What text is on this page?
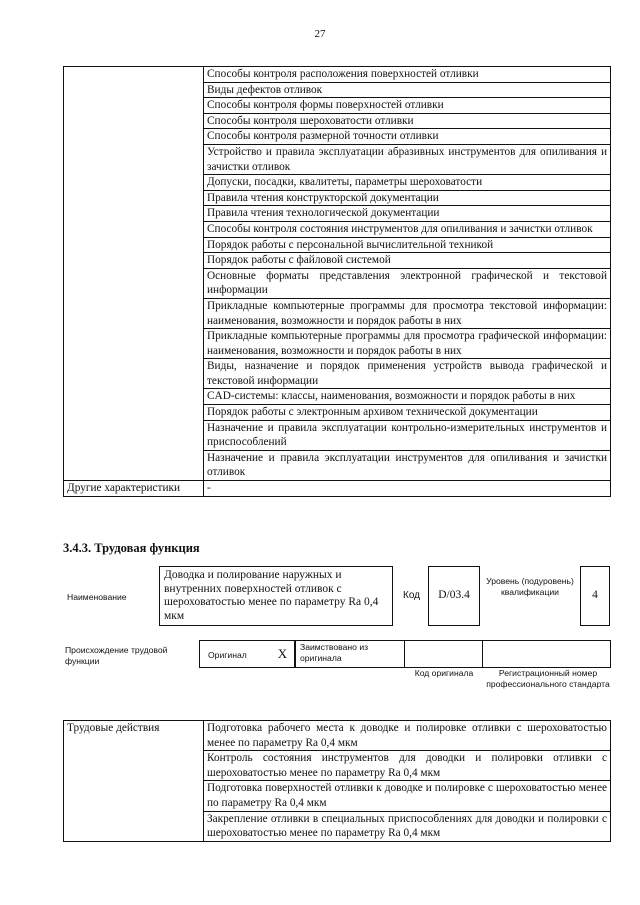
27
	Способы контроля расположения поверхностей отливки
	Виды дефектов отливок
	Способы контроля формы поверхностей отливки
	Способы контроля шероховатости отливки
	Способы контроля размерной точности отливки
	Устройство и правила эксплуатации абразивных инструментов для опиливания и зачистки отливок
	Допуски, посадки, квалитеты, параметры шероховатости
	Правила чтения конструкторской документации
	Правила чтения технологической документации
	Способы контроля состояния инструментов для опиливания и зачистки отливок
	Порядок работы с персональной вычислительной техникой
	Порядок работы с файловой системой
	Основные форматы представления электронной графической и текстовой информации
	Прикладные компьютерные программы для просмотра текстовой информации: наименования, возможности и порядок работы в них
	Прикладные компьютерные программы для просмотра графической информации: наименования, возможности и порядок работы в них
	Виды, назначение и порядок применения устройств вывода графической и текстовой информации
	CAD-системы: классы, наименования, возможности и порядок работы в них
	Порядок работы с электронным архивом технической документации
	Назначение и правила эксплуатации контрольно-измерительных инструментов и приспособлений
	Назначение и правила эксплуатации инструментов для опиливания и зачистки отливок
Другие характеристики	-
3.4.3. Трудовая функция
Наименование
Доводка и полирование наружных и внутренних поверхностей отливок с шероховатостью менее по параметру Ra 0,4 мкм
Код D/03.4
Уровень (подуровень) квалификации	4
Происхождение трудовой функции
Оригинал X Заимствовано из оригинала
Код оригинала	Регистрационный номер профессионального стандарта
Трудовые действия	Подготовка рабочего места к доводке и полировке отливки с шероховатостью менее по параметру Ra 0,4 мкм
Контроль состояния инструментов для доводки и полировки отливки с шероховатостью менее по параметру Ra 0,4 мкм
Подготовка поверхностей отливки к доводке и полировке с шероховатостью менее по параметру Ra 0,4 мкм
Закрепление отливки в специальных приспособлениях для доводки и полировки с шероховатостью менее по параметру Ra 0,4 мкм
